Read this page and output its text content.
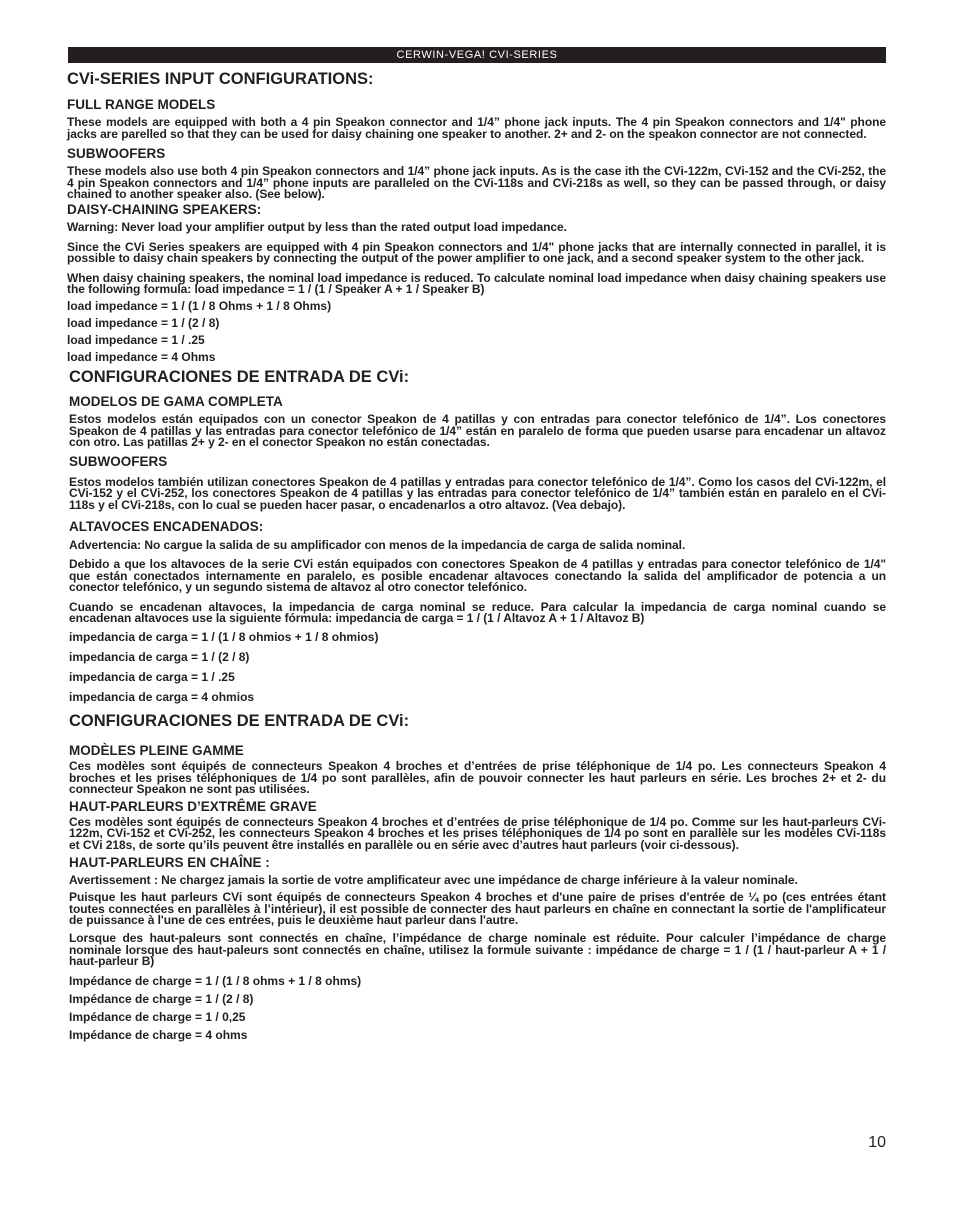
CERWIN-VEGA! CVI-SERIES
CVi-SERIES INPUT CONFIGURATIONS:
FULL RANGE MODELS

These models are equipped with both a 4 pin Speakon connector and 1/4” phone jack inputs. The 4 pin Speakon connectors and 1/4" phone jacks are parelled so that they can be used for daisy chaining one speaker to another. 2+ and 2- on the speakon connector are not connected.

SUBWOOFERS

These models also use both 4 pin Speakon connectors and 1/4” phone jack inputs. As is the case ith the CVi-122m, CVi-152 and the CVi-252, the 4 pin Speakon connectors and 1/4” phone inputs are paralleled on the CVi-118s and CVi-218s as well, so they can be passed through, or daisy chained to another speaker also. (See below).

DAISY-CHAINING SPEAKERS:

Warning: Never load your amplifier output by less than the rated output load impedance.

Since the CVi Series speakers are equipped with 4 pin Speakon connectors and 1/4" phone jacks that are internally connected in parallel, it is possible to daisy chain speakers by connecting the output of the power amplifier to one jack, and a second speaker system to the other jack.

When daisy chaining speakers, the nominal load impedance is reduced. To calculate nominal load impedance when daisy chaining speakers use the following formula: load impedance = 1 / (1 / Speaker A + 1 / Speaker B)

load impedance = 1 / (1 / 8 Ohms + 1 / 8 Ohms)

load impedance = 1 / (2 / 8)

load impedance = 1 / .25

load impedance = 4 Ohms

CONFIGURACIONES DE ENTRADA DE CVi:
MODELOS DE GAMA COMPLETA

Estos modelos están equipados con un conector Speakon de 4 patillas y con entradas para conector telefónico de 1/4”. Los conectores Speakon de 4 patillas y las entradas para conector telefónico de 1/4” están en paralelo de forma que pueden usarse para encadenar un altavoz con otro. Las patillas 2+ y 2- en el conector Speakon no están conectadas.

SUBWOOFERS

Estos modelos también utilizan conectores Speakon de 4 patillas y entradas para conector telefónico de 1/4”. Como los casos del CVi-122m, el CVi-152 y el CVi-252, los conectores Speakon de 4 patillas y las entradas para conector telefónico de 1/4” también están en paralelo en el CVi-118s y el CVi-218s, con lo cual se pueden hacer pasar, o encadenarlos a otro altavoz. (Vea debajo).

ALTAVOCES ENCADENADOS:

Advertencia: No cargue la salida de su amplificador con menos de la impedancia de carga de salida nominal.

Debido a que los altavoces de la serie CVi están equipados con conectores Speakon de 4 patillas y entradas para conector telefónico de 1/4" que están conectados internamente en paralelo, es posible encadenar altavoces conectando la salida del amplificador de potencia a un conector telefónico, y un segundo sistema de altavoz al otro conector telefónico.

Cuando se encadenan altavoces, la impedancia de carga nominal se reduce. Para calcular la impedancia de carga nominal cuando se encadenan altavoces use la siguiente fórmula: impedancia de carga = 1 / (1 / Altavoz A + 1 / Altavoz B)

impedancia de carga = 1 / (1 / 8 ohmios + 1 / 8 ohmios)

impedancia de carga = 1 / (2 / 8)

impedancia de carga = 1 / .25

impedancia de carga = 4 ohmios

CONFIGURACIONES DE ENTRADA DE CVi:
MODÈLES PLEINE GAMME

Ces modèles sont équipés de connecteurs Speakon 4 broches et d’entrées de prise téléphonique de 1/4 po. Les connecteurs Speakon 4 broches et les prises téléphoniques de 1/4 po sont parallèles, afin de pouvoir connecter les haut parleurs en série. Les broches 2+ et 2- du connecteur Speakon ne sont pas utilisées.

HAUT-PARLEURS D’EXTRÊME GRAVE

Ces modèles sont équipés de connecteurs Speakon 4 broches et d’entrées de prise téléphonique de 1/4 po. Comme sur les haut-parleurs CVi-122m, CVi-152 et CVi-252, les connecteurs Speakon 4 broches et les prises téléphoniques de 1/4 po sont en parallèle sur les modèles CVi-118s et CVi 218s, de sorte qu’ils peuvent être installés en parallèle ou en série avec d’autres haut parleurs (voir ci-dessous).

HAUT-PARLEURS EN CHAÎNE :

Avertissement : Ne chargez jamais la sortie de votre amplificateur avec une impédance de charge inférieure à la valeur nominale.

Puisque les haut parleurs CVi sont équipés de connecteurs Speakon 4 broches et d'une paire de prises d'entrée de ¼ po (ces entrées étant toutes connectées en parallèles à l’intérieur), il est possible de connecter des haut parleurs en chaîne en connectant la sortie de l'amplificateur de puissance à l'une de ces entrées, puis le deuxième haut parleur dans l'autre.

Lorsque des haut-paleurs sont connectés en chaîne, l’impédance de charge nominale est réduite. Pour calculer l’impédance de charge nominale lorsque des haut-paleurs sont connectés en chaîne, utilisez la formule suivante : impédance de charge = 1 / (1 / haut-parleur A + 1 / haut-parleur B)

Impédance de charge = 1 / (1 / 8 ohms + 1 / 8 ohms)

Impédance de charge = 1 / (2 / 8)

Impédance de charge = 1 / 0,25

Impédance de charge = 4 ohms

10
